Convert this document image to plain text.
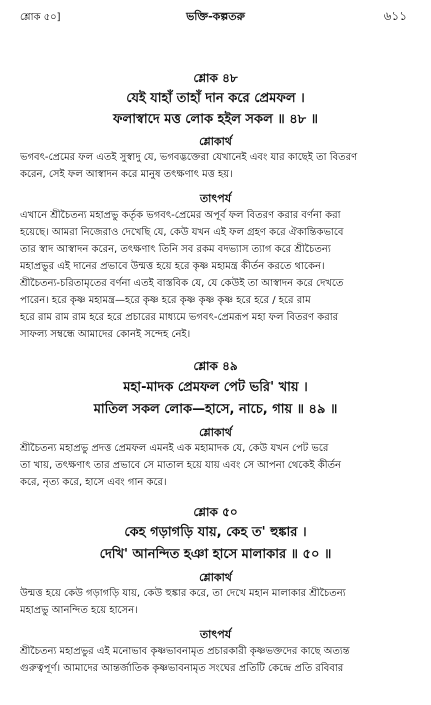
শ্লোক ৫০]	ভক্তি-কল্পতরু	৬১১
শ্লোক ৪৮
যেই যাহাঁ তাহাঁ দান করে প্রেমফল ।
ফলাস্বাদে মত্ত লোক হইল সকল ॥ ৪৮ ॥
শ্লোকার্থ
ভগবৎ-প্রেমের ফল এতই সুস্বাদু যে, ভগবদ্ভক্তেরা যেখানেই এবং যার কাছেই তা বিতরণ
করেন, সেই ফল আস্বাদন করে মানুষ তৎক্ষণাৎ মত্ত হয়।
তাৎপর্য
এখানে শ্রীচৈতন্য মহাপ্রভু কর্তৃক ভগবৎ-প্রেমের অপূর্ব ফল বিতরণ করার বর্ণনা করা
হয়েছে। আমরা নিজেরাও দেখেছি যে, কেউ যখন এই ফল গ্রহণ করে ঐকান্তিকভাবে
তার স্বাদ আস্বাদন করেন, তৎক্ষণাৎ তিনি সব রকম বদভ্যাস ত্যাগ করে শ্রীচৈতন্য
মহাপ্রভুর এই দানের প্রভাবে উন্মত্ত হয়ে হরে কৃষ্ণ মহামন্ত্র কীর্তন করতে থাকেন।
শ্রীচৈতন্য-চরিতামৃতের বর্ণনা এতই বাস্তবিক যে, যে কেউই তা আস্বাদন করে দেখতে
পারেন। হরে কৃষ্ণ মহামন্ত্র—হরে কৃষ্ণ হরে কৃষ্ণ কৃষ্ণ কৃষ্ণ হরে হরে / হরে রাম
হরে রাম রাম রাম হরে হরে প্রচারের মাধ্যমে ভগবৎ-প্রেমরূপ মহা ফল বিতরণ করার
সাফল্য সম্বন্ধে আমাদের কোনই সন্দেহ নেই।
শ্লোক ৪৯
মহা-মাদক প্রেমফল পেট ভরি' খায় ।
মাতিল সকল লোক—হাসে, নাচে, গায় ॥ ৪৯ ॥
শ্লোকার্থ
শ্রীচৈতন্য মহাপ্রভু প্রদত্ত প্রেমফল এমনই এক মহামাদক যে, কেউ যখন পেট ভরে
তা খায়, তৎক্ষণাৎ তার প্রভাবে সে মাতাল হয়ে যায় এবং সে আপনা থেকেই কীর্তন
করে, নৃত্য করে, হাসে এবং গান করে।
শ্লোক ৫০
কেহ গড়াগড়ি যায়, কেহ ত' হুঙ্কার ।
দেখি' আনন্দিত হঞা হাসে মালাকার ॥ ৫০ ॥
শ্লোকার্থ
উন্মত্ত হয়ে কেউ গড়াগড়ি যায়, কেউ হুঙ্কার করে, তা দেখে মহান মালাকার শ্রীচৈতন্য
মহাপ্রভু আনন্দিত হয়ে হাসেন।
তাৎপর্য
শ্রীচৈতন্য মহাপ্রভুর এই মনোভাব কৃষ্ণভাবনামৃত প্রচারকারী কৃষ্ণভক্তদের কাছে অত্যন্ত
গুরুত্বপূর্ণ। আমাদের আন্তর্জাতিক কৃষ্ণভাবনামৃত সংঘের প্রতিটি কেন্দ্রে প্রতি রবিবার
